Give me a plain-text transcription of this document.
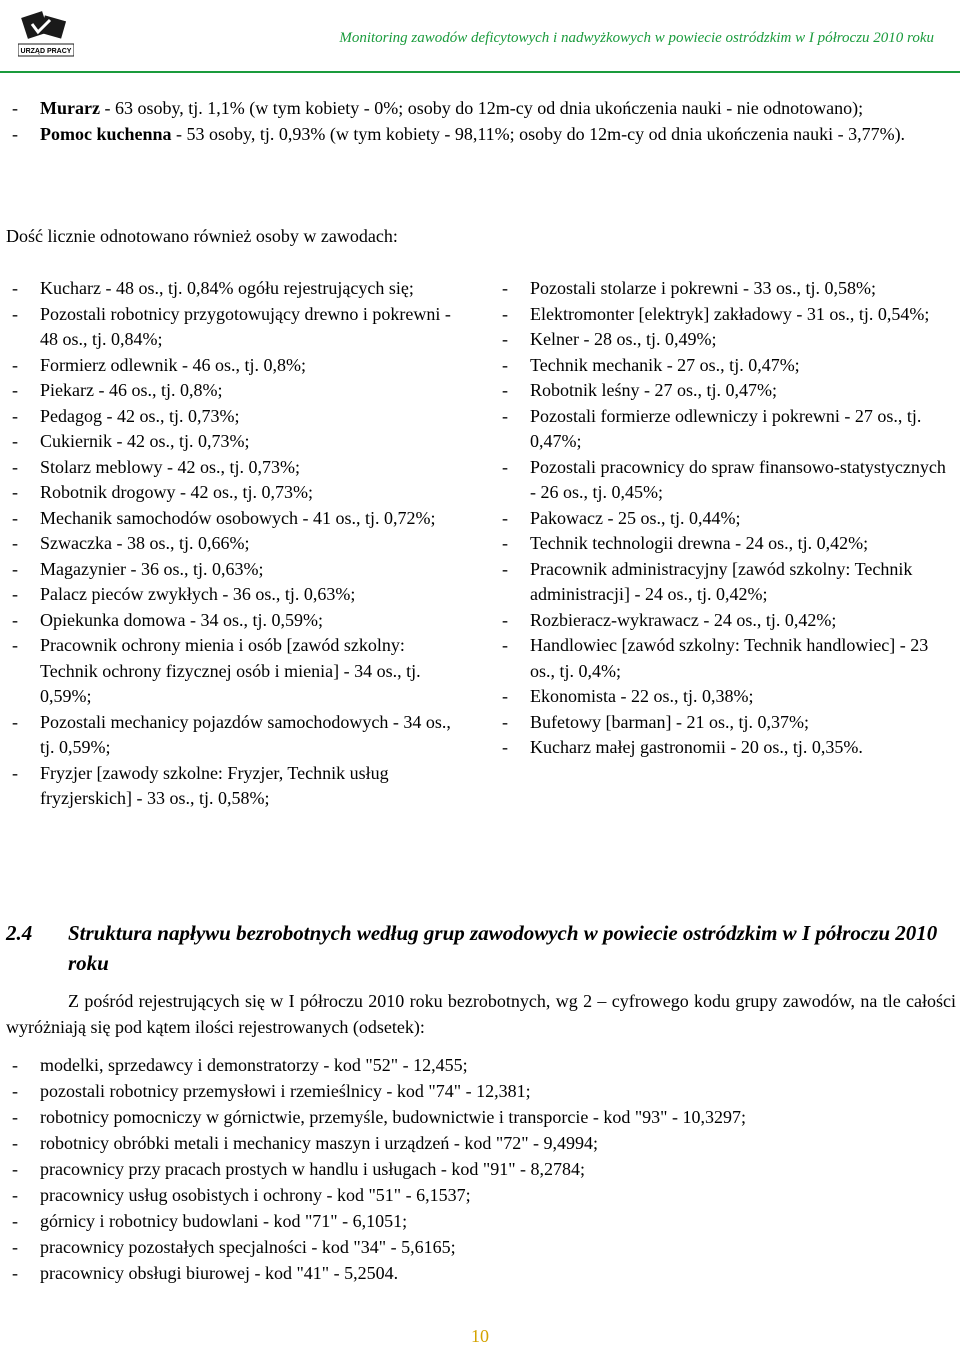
URZĄD PRACY
Monitoring zawodów deficytowych i nadwyżkowych w powiecie ostródzkim w I półroczu 2010 roku
- Murarz - 63 osoby, tj. 1,1% (w tym kobiety - 0%; osoby do 12m-cy od dnia ukończenia nauki - nie odnotowano);
- Pomoc kuchenna - 53 osoby, tj. 0,93% (w tym kobiety - 98,11%; osoby do 12m-cy od dnia ukończenia nauki - 3,77%).
Dość licznie odnotowano również osoby w zawodach:
- Kucharz - 48 os., tj. 0,84% ogółu rejestrujących się;
- Pozostali robotnicy przygotowujący drewno i pokrewni - 48 os., tj. 0,84%;
- Formierz odlewnik - 46 os., tj. 0,8%;
- Piekarz - 46 os., tj. 0,8%;
- Pedagog - 42 os., tj. 0,73%;
- Cukiernik - 42 os., tj. 0,73%;
- Stolarz meblowy - 42 os., tj. 0,73%;
- Robotnik drogowy - 42 os., tj. 0,73%;
- Mechanik samochodów osobowych - 41 os., tj. 0,72%;
- Szwaczka - 38 os., tj. 0,66%;
- Magazynier - 36 os., tj. 0,63%;
- Palacz pieców zwykłych - 36 os., tj. 0,63%;
- Opiekunka domowa - 34 os., tj. 0,59%;
- Pracownik ochrony mienia i osób [zawód szkolny: Technik ochrony fizycznej osób i mienia] - 34 os., tj. 0,59%;
- Pozostali mechanicy pojazdów samochodowych - 34 os., tj. 0,59%;
- Fryzjer [zawody szkolne: Fryzjer, Technik usług fryzjerskich] - 33 os., tj. 0,58%;
- Pozostali stolarze i pokrewni - 33 os., tj. 0,58%;
- Elektromonter [elektryk] zakładowy - 31 os., tj. 0,54%;
- Kelner - 28 os., tj. 0,49%;
- Technik mechanik - 27 os., tj. 0,47%;
- Robotnik leśny - 27 os., tj. 0,47%;
- Pozostali formierze odlewniczy i pokrewni - 27 os., tj. 0,47%;
- Pozostali pracownicy do spraw finansowo-statystycznych - 26 os., tj. 0,45%;
- Pakowacz - 25 os., tj. 0,44%;
- Technik technologii drewna - 24 os., tj. 0,42%;
- Pracownik administracyjny [zawód szkolny: Technik administracji] - 24 os., tj. 0,42%;
- Rozbieracz-wykrawacz - 24 os., tj. 0,42%;
- Handlowiec [zawód szkolny: Technik handlowiec] - 23 os., tj. 0,4%;
- Ekonomista - 22 os., tj. 0,38%;
- Bufetowy [barman] - 21 os., tj. 0,37%;
- Kucharz małej gastronomii - 20 os., tj. 0,35%.
2.4	Struktura napływu bezrobotnych według grup zawodowych w powiecie ostródzkim w I półroczu 2010 roku
Z pośród rejestrujących się w I półroczu 2010 roku bezrobotnych, wg 2 – cyfrowego kodu grupy zawodów, na tle całości wyróżniają się pod kątem ilości rejestrowanych (odsetek):
- modelki, sprzedawcy i demonstratorzy - kod "52" - 12,455;
- pozostali robotnicy przemysłowi i rzemieślnicy - kod "74" - 12,381;
- robotnicy pomocniczy w górnictwie, przemyśle, budownictwie i transporcie - kod "93" - 10,3297;
- robotnicy obróbki metali i mechanicy maszyn i urządzeń - kod "72" - 9,4994;
- pracownicy przy pracach prostych w handlu i usługach - kod "91" - 8,2784;
- pracownicy usług osobistych i ochrony - kod "51" - 6,1537;
- górnicy i robotnicy budowlani - kod "71" - 6,1051;
- pracownicy pozostałych specjalności - kod "34" - 5,6165;
- pracownicy obsługi biurowej - kod "41" - 5,2504.
10
